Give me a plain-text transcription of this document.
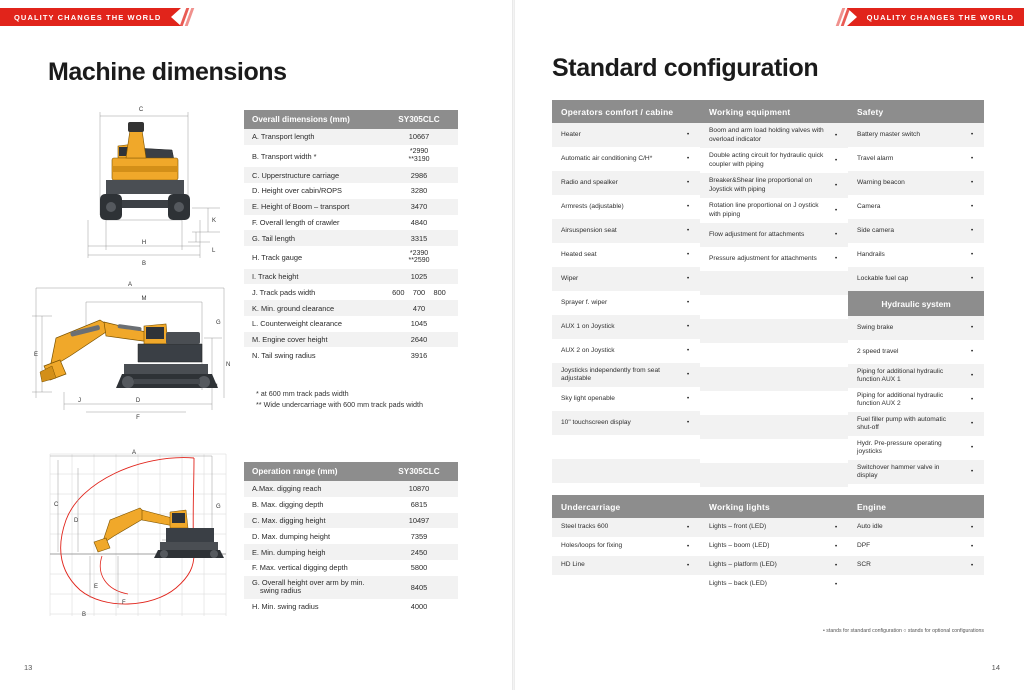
QUALITY CHANGES THE WORLD
Machine dimensions
C
K
H
B
L
A
M
E
G
N
D
F
J
A
B
C
D
E
F
G
Overall dimensions (mm)	SY305CLC
A. Transport length	10667
B. Transport width *	*2990
**3190

C. Upperstructure carriage	2986
D. Height over cabin/ROPS	3280
E. Height of Boom – transport	3470
F. Overall length of crawler	4840
G. Tail length	3315
H. Track gauge	*2390
**2590

I. Track height	1025
J. Track pads width	600 700 800

K. Min. ground clearance	470
L. Counterweight clearance	1045
M. Engine cover height	2640
N. Tail swing radius	3916
* at 600 mm track pads width
** Wide undercarriage with 600 mm track pads width
Operation range (mm)	SY305CLC
A.Max. digging reach	10870
B. Max. digging depth	6815
C. Max. digging height	10497
D. Max. dumping height	7359
E. Min. dumping heigh	2450
F. Max. vertical digging depth	5800
G. Overall height over arm by min.
swing radius	8405
H. Min. swing radius	4000
13
QUALITY CHANGES THE WORLD
Standard configuration
Operators comfort / cabine
Heater	•
Automatic air conditioning C/H*	•
Radio and spealker	•
Armrests (adjustable)	•
Airsuspension seat	•
Heated seat	•
Wiper	•
Sprayer f. wiper	•
AUX 1 on Joystick	•
AUX 2 on Joystick	•
Joysticks independently from seat adjustable	•
Sky light openable	•
10" touchscreen display	•
Working equipment
Boom and arm load holding valves with overload indicator	•
Double acting circuit for hydraulic quick coupler with piping	•
Breaker&Shear line proportional on Joystick with piping	•
Rotation line proportional on J oystick with piping	•
Flow adjustment for attachments	•
Pressure adjustment for attachments	•
Safety
Battery master switch	•
Travel alarm	•
Warning beacon	•
Camera	•
Side camera	•
Handrails	•
Lockable fuel cap	•
Hydraulic system
Swing brake	•
2 speed travel	•
Piping for additional hydraulic function AUX 1	•
Piping for additional hydraulic function AUX 2	•
Fuel filler pump with automatic shut-off	•
Hydr. Pre-pressure operating joysticks	•
Switchover hammer valve in display	•
Undercarriage
Steel tracks 600	•
Holes/loops for fixing	•
HD Line	•
Working lights
Lights – front (LED)	•
Lights – boom (LED)	•
Lights – platform (LED)	•
Lights – back (LED)	•
Engine
Auto idle	•
DPF	•
SCR	•
• stands for standard configuration ○ stands for optional configurations
14
